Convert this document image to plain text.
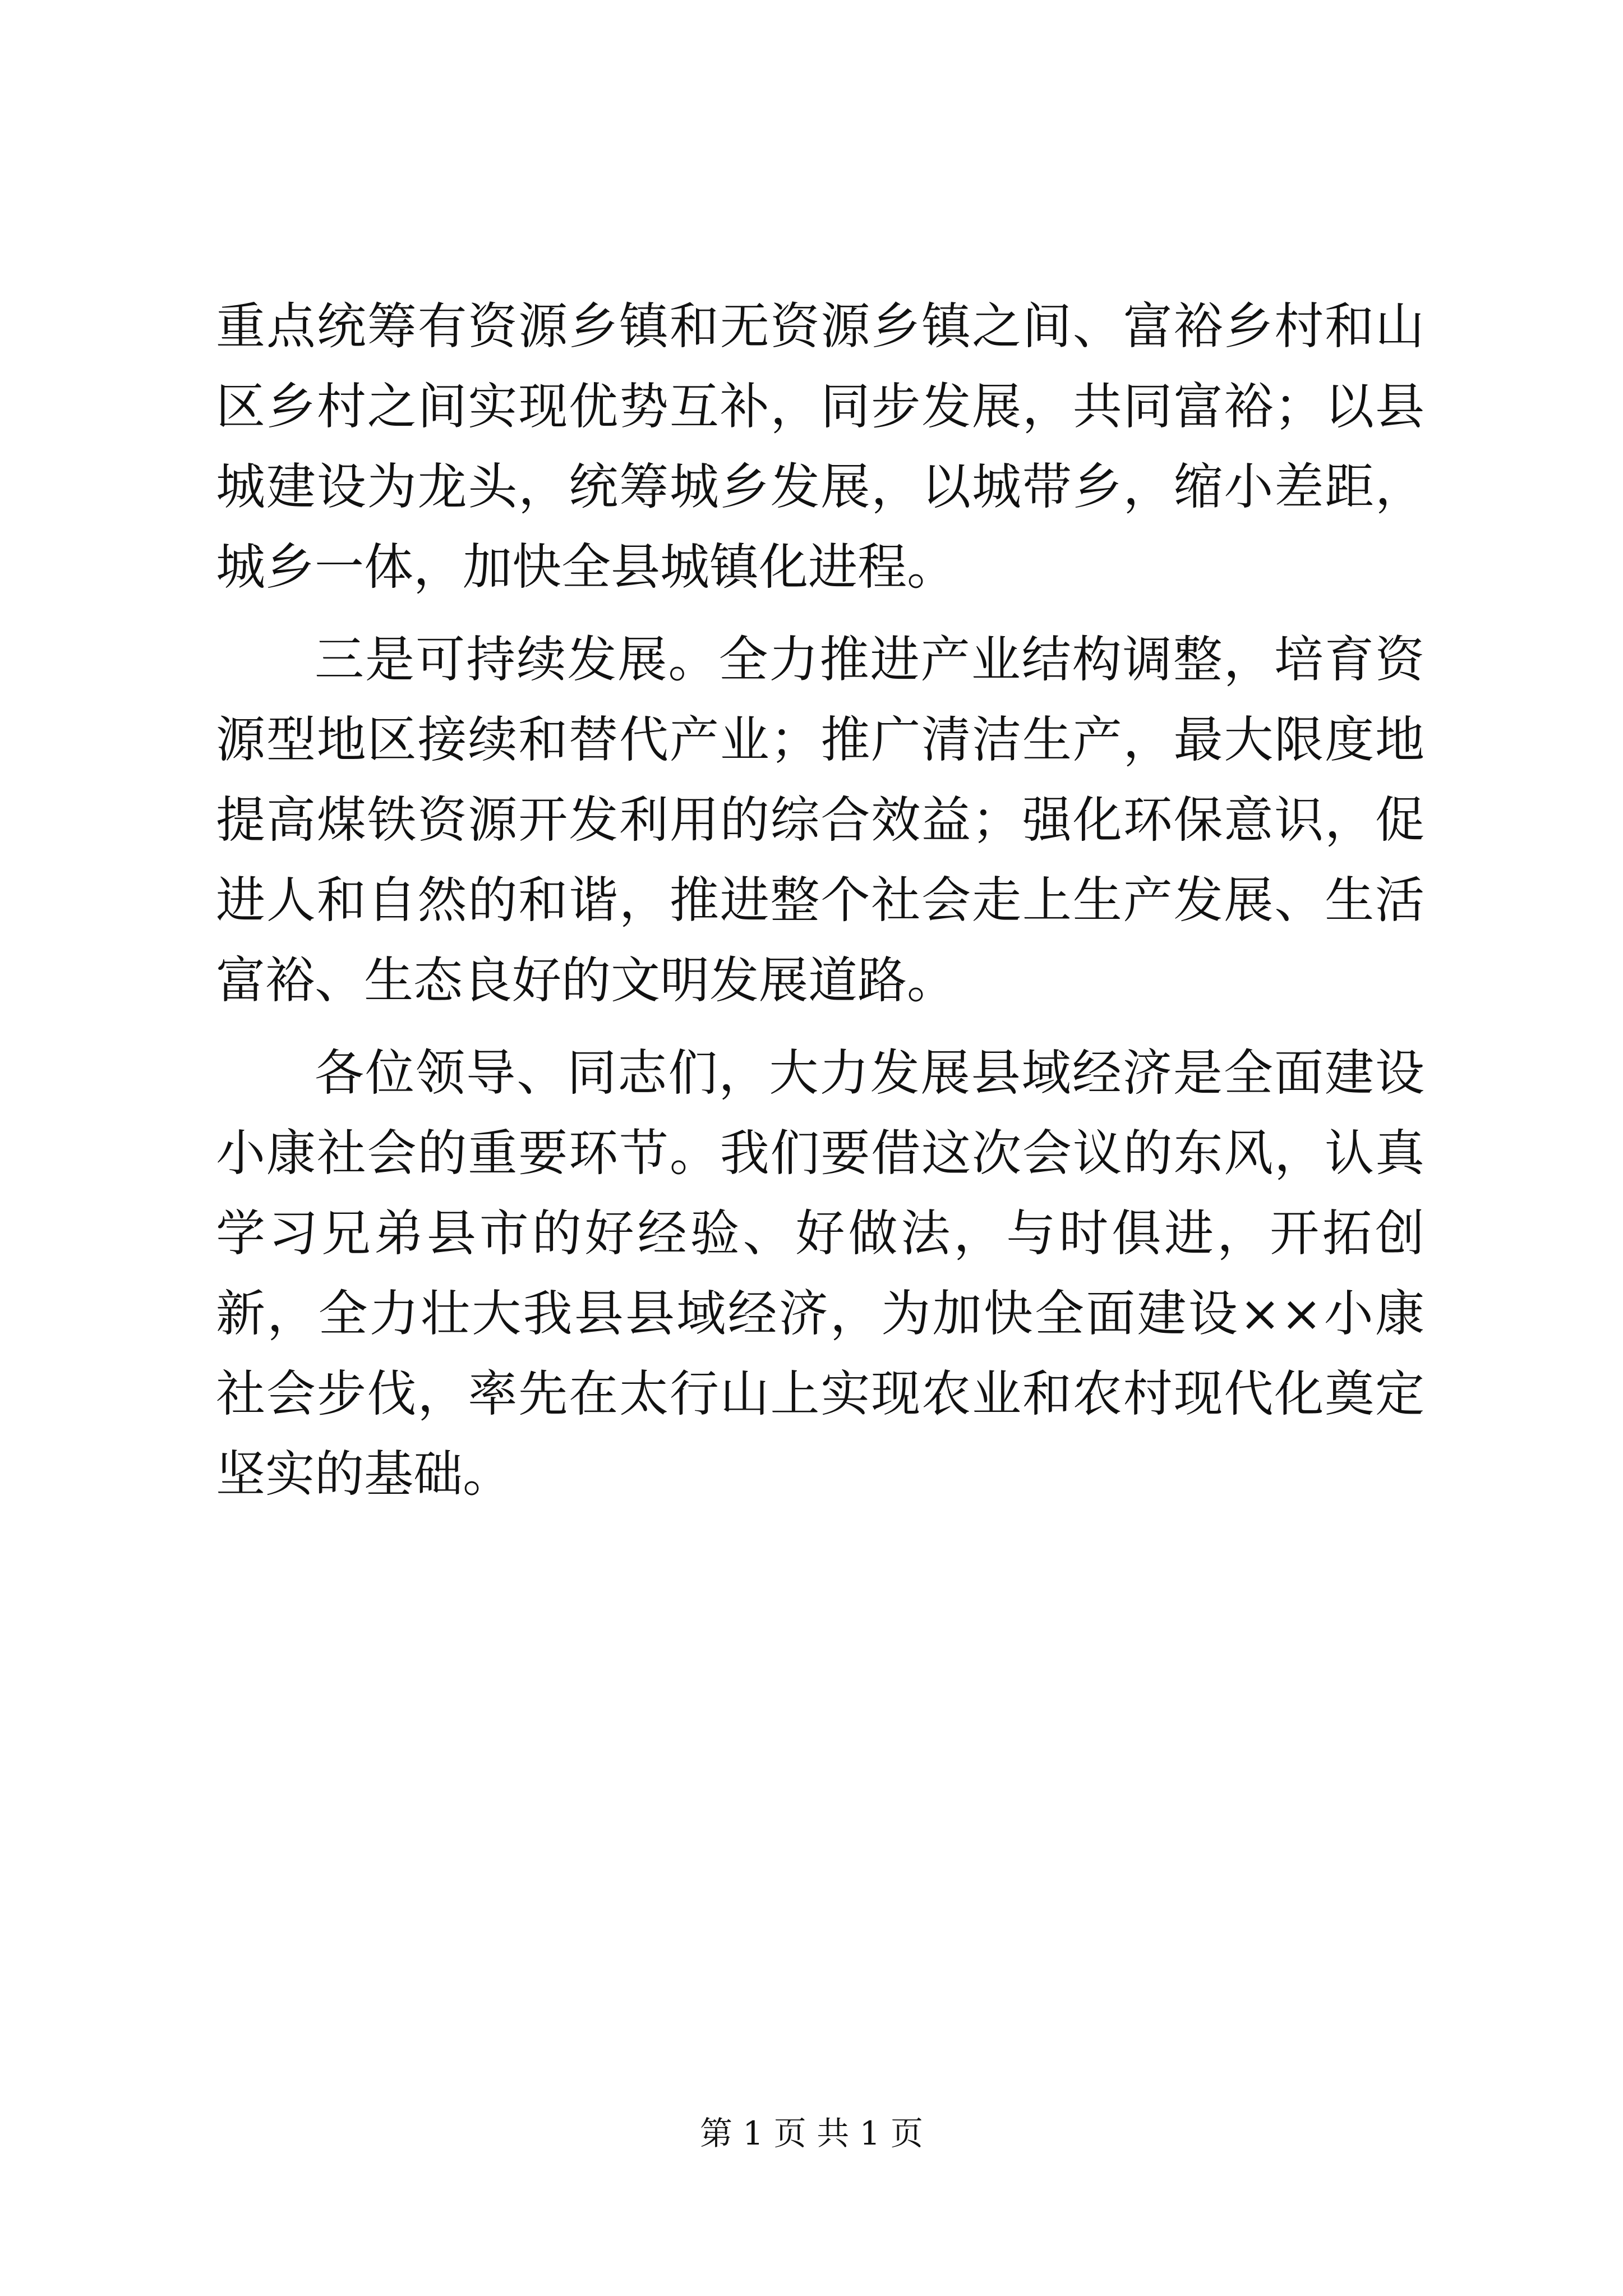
重点统筹有资源乡镇和无资源乡镇之间、富裕乡村和山区乡村之间实现优势互补，同步发展，共同富裕；以县城建设为龙头，统筹城乡发展，以城带乡，缩小差距，城乡一体，加快全县城镇化进程。

三是可持续发展。全力推进产业结构调整，培育资源型地区接续和替代产业；推广清洁生产，最大限度地提高煤铁资源开发利用的综合效益；强化环保意识，促进人和自然的和谐，推进整个社会走上生产发展、生活富裕、生态良好的文明发展道路。

各位领导、同志们，大力发展县域经济是全面建设小康社会的重要环节。我们要借这次会议的东风，认真学习兄弟县市的好经验、好做法，与时俱进，开拓创新，全力壮大我县县域经济，为加快全面建设××小康社会步伐，率先在太行山上实现农业和农村现代化奠定坚实的基础。

第 1 页 共 1 页
